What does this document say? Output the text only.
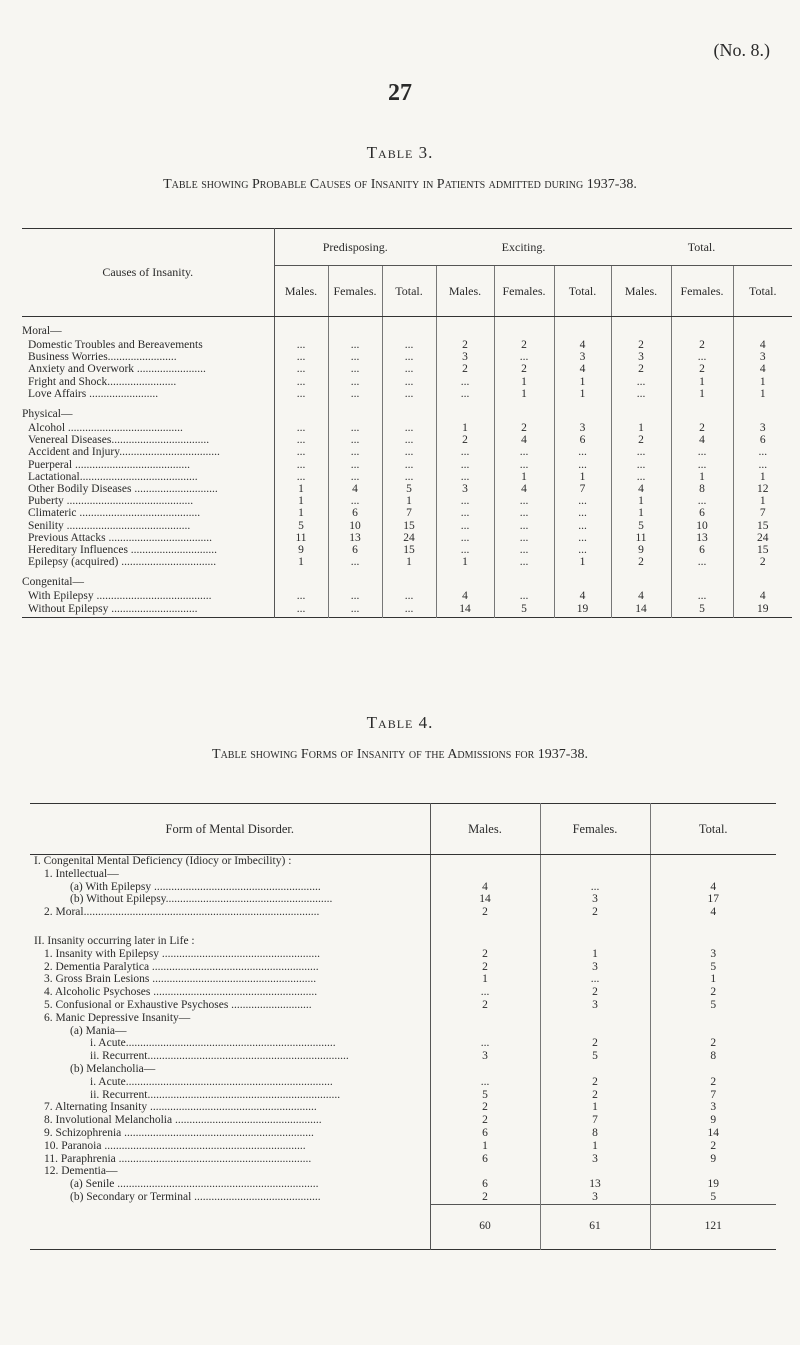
(No. 8.)
27
Table 3.
Table showing Probable Causes of Insanity in Patients admitted during 1937-38.
Causes of Insanity.	Predisposing.			Exciting.			Total.		
	Males.	Females.	Total.	Males.	Females.	Total.	Males.	Females.	Total.
Moral—									
Domestic Troubles and Bereavements	...	...	...	2	2	4	2	2	4
Business Worries........................	...	...	...	3	...	3	3	...	3
Anxiety and Overwork ........................	...	...	...	2	2	4	2	2	4
Fright and Shock........................	...	...	...	...	1	1	...	1	1
Love Affairs ........................	...	...	...	...	1	1	...	1	1
Physical—									
Alcohol ........................................	...	...	...	1	2	3	1	2	3
Venereal Diseases..................................	...	...	...	2	4	6	2	4	6
Accident and Injury...................................	...	...	...	...	...	...	...	...	...
Puerperal ........................................	...	...	...	...	...	...	...	...	...
Lactational.........................................	...	...	...	...	1	1	...	1	1
Other Bodily Diseases .............................	1	4	5	3	4	7	4	8	12
Puberty ............................................	1	...	1	...	...	...	1	...	1
Climateric ..........................................	1	6	7	...	...	...	1	6	7
Senility ...........................................	5	10	15	...	...	...	5	10	15
Previous Attacks ....................................	11	13	24	...	...	...	11	13	24
Hereditary Influences ..............................	9	6	15	...	...	...	9	6	15
Epilepsy (acquired) .................................	1	...	1	1	...	1	2	...	2
Congenital—									
With Epilepsy ........................................	...	...	...	4	...	4	4	...	4
Without Epilepsy ..............................	...	...	...	14	5	19	14	5	19
Table 4.
Table showing Forms of Insanity of the Admissions for 1937-38.
Form of Mental Disorder.	Males.	Females.	Total.
I. Congenital Mental Deficiency (Idiocy or Imbecility) :			
1. Intellectual—			
(a) With Epilepsy ..........................................................	4	...	4
(b) Without Epilepsy..........................................................	14	3	17
2. Moral..................................................................................	2	2	4

II. Insanity occurring later in Life :			
1. Insanity with Epilepsy .......................................................	2	1	3
2. Dementia Paralytica ..........................................................	2	3	5
3. Gross Brain Lesions .........................................................	1	...	1
4. Alcoholic Psychoses .........................................................	...	2	2
5. Confusional or Exhaustive Psychoses ............................	2	3	5
6. Manic Depressive Insanity—			
(a) Mania—			
i. Acute.........................................................................	...	2	2
ii. Recurrent......................................................................	3	5	8
(b) Melancholia—			
i. Acute........................................................................	...	2	2
ii. Recurrent...................................................................	5	2	7
7. Alternating Insanity ..........................................................	2	1	3
8. Involutional Melancholia ...................................................	2	7	9
9. Schizophrenia ..................................................................	6	8	14
10. Paranoia ......................................................................	1	1	2
11. Paraphrenia ...................................................................	6	3	9
12. Dementia—			
(a) Senile ......................................................................	6	13	19
(b) Secondary or Terminal ............................................	2	3	5
	60	61	121
